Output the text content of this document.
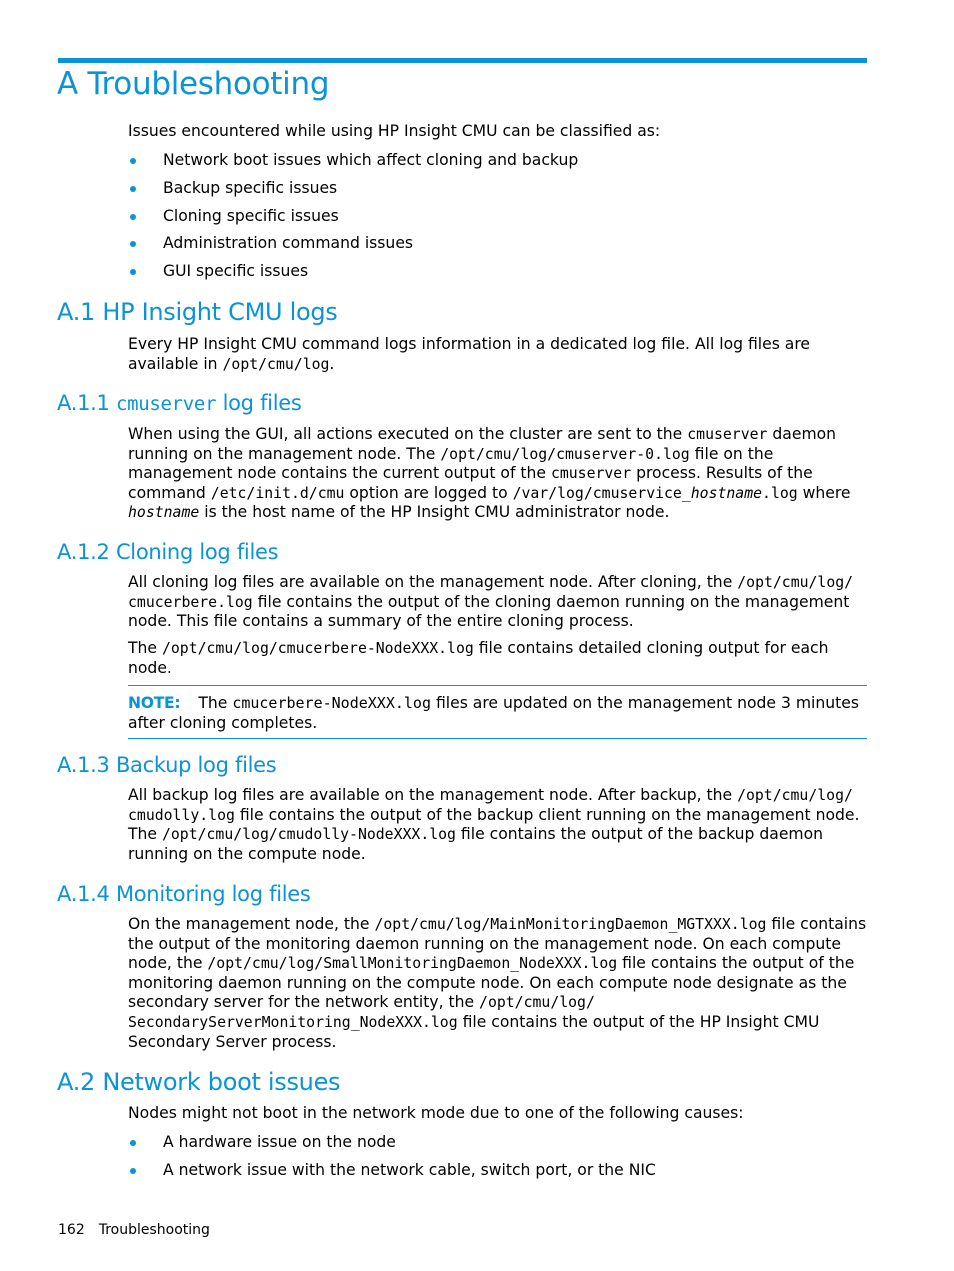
A Troubleshooting

Issues encountered while using HP Insight CMU can be classified as:

Network boot issues which affect cloning and backup
Backup specific issues
Cloning specific issues
Administration command issues
GUI specific issues
A.1 HP Insight CMU logs

Every HP Insight CMU command logs information in a dedicated log file. All log files are available in /opt/cmu/log.

A.1.1 cmuserver log files

When using the GUI, all actions executed on the cluster are sent to the cmuserver daemon running on the management node. The /opt/cmu/log/cmuserver-0.log file on the management node contains the current output of the cmuserver process. Results of the command /etc/init.d/cmu option are logged to /var/log/cmuservice_hostname.log where hostname is the host name of the HP Insight CMU administrator node.

A.1.2 Cloning log files

All cloning log files are available on the management node. After cloning, the /opt/cmu/log/ cmucerbere.log file contains the output of the cloning daemon running on the management node. This file contains a summary of the entire cloning process.

The /opt/cmu/log/cmucerbere-NodeXXX.log file contains detailed cloning output for each node.

NOTE: The cmucerbere-NodeXXX.log files are updated on the management node 3 minutes after cloning completes.
A.1.3 Backup log files

All backup log files are available on the management node. After backup, the /opt/cmu/log/ cmudolly.log file contains the output of the backup client running on the management node. The /opt/cmu/log/cmudolly-NodeXXX.log file contains the output of the backup daemon running on the compute node.

A.1.4 Monitoring log files

On the management node, the /opt/cmu/log/MainMonitoringDaemon_MGTXXX.log file contains the output of the monitoring daemon running on the management node. On each compute node, the /opt/cmu/log/SmallMonitoringDaemon_NodeXXX.log file contains the output of the monitoring daemon running on the compute node. On each compute node designate as the secondary server for the network entity, the /opt/cmu/log/ SecondaryServerMonitoring_NodeXXX.log file contains the output of the HP Insight CMU Secondary Server process.

A.2 Network boot issues

Nodes might not boot in the network mode due to one of the following causes:

A hardware issue on the node
A network issue with the network cable, switch port, or the NIC
162 Troubleshooting
